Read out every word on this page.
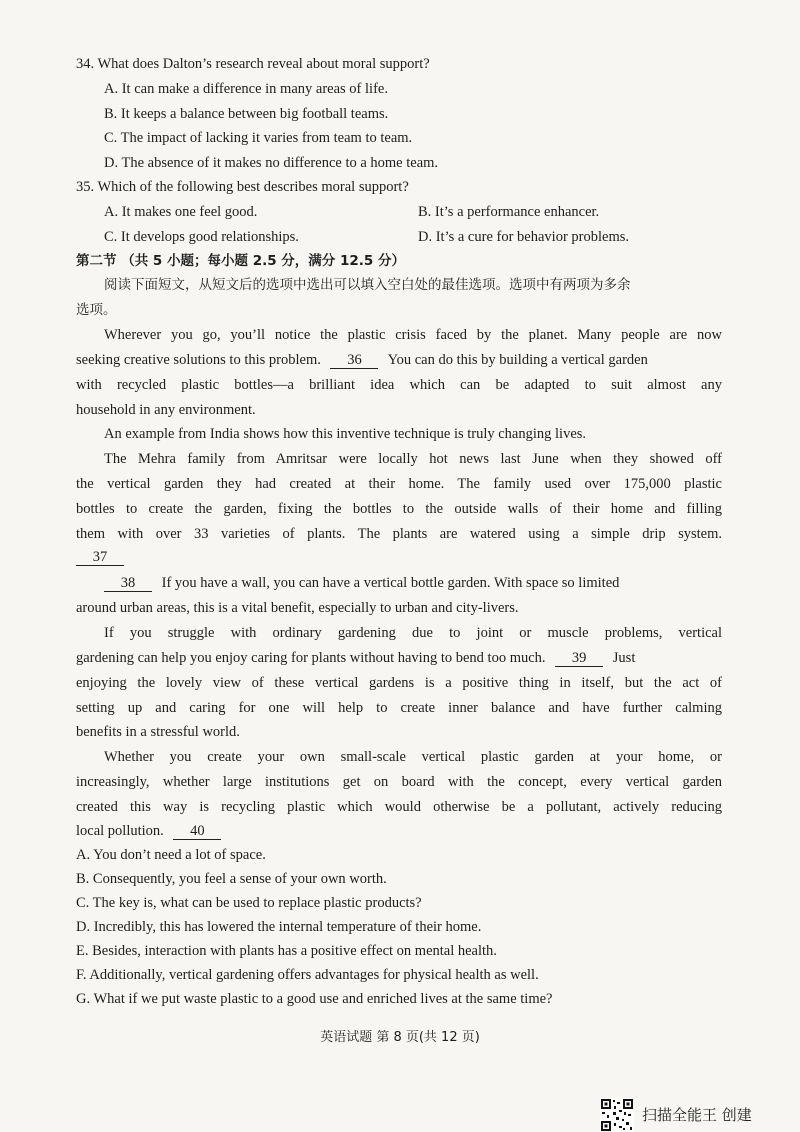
34. What does Dalton’s research reveal about moral support?
A. It can make a difference in many areas of life.
B. It keeps a balance between big football teams.
C. The impact of lacking it varies from team to team.
D. The absence of it makes no difference to a home team.
35. Which of the following best describes moral support?
A. It makes one feel good.	B. It’s a performance enhancer.
C. It develops good relationships.	D. It’s a cure for behavior problems.
第二节 （共 5 小题；每小题 2.5 分，满分 12.5 分）
阅读下面短文，从短文后的选项中选出可以填入空白处的最佳选项。选项中有两项为多余
选项。
Wherever you go, you’ll notice the plastic crisis faced by the planet. Many people are now
seeking creative solutions to this problem. 36 You can do this by building a vertical garden
with recycled plastic bottles—a brilliant idea which can be adapted to suit almost any
household in any environment.
An example from India shows how this inventive technique is truly changing lives.
The Mehra family from Amritsar were locally hot news last June when they showed off
the vertical garden they had created at their home. The family used over 175,000 plastic
bottles to create the garden, fixing the bottles to the outside walls of their home and filling
them with over 33 varieties of plants. The plants are watered using a simple drip system.
37
38 If you have a wall, you can have a vertical bottle garden. With space so limited
around urban areas, this is a vital benefit, especially to urban and city-livers.
If you struggle with ordinary gardening due to joint or muscle problems, vertical
gardening can help you enjoy caring for plants without having to bend too much. 39 Just
enjoying the lovely view of these vertical gardens is a positive thing in itself, but the act of
setting up and caring for one will help to create inner balance and have further calming
benefits in a stressful world.
Whether you create your own small-scale vertical plastic garden at your home, or
increasingly, whether large institutions get on board with the concept, every vertical garden
created this way is recycling plastic which would otherwise be a pollutant, actively reducing
local pollution. 40
A. You don’t need a lot of space.
B. Consequently, you feel a sense of your own worth.
C. The key is, what can be used to replace plastic products?
D. Incredibly, this has lowered the internal temperature of their home.
E. Besides, interaction with plants has a positive effect on mental health.
F. Additionally, vertical gardening offers advantages for physical health as well.
G. What if we put waste plastic to a good use and enriched lives at the same time?
英语试题 第 8 页(共 12 页)
扫描全能王 创建
